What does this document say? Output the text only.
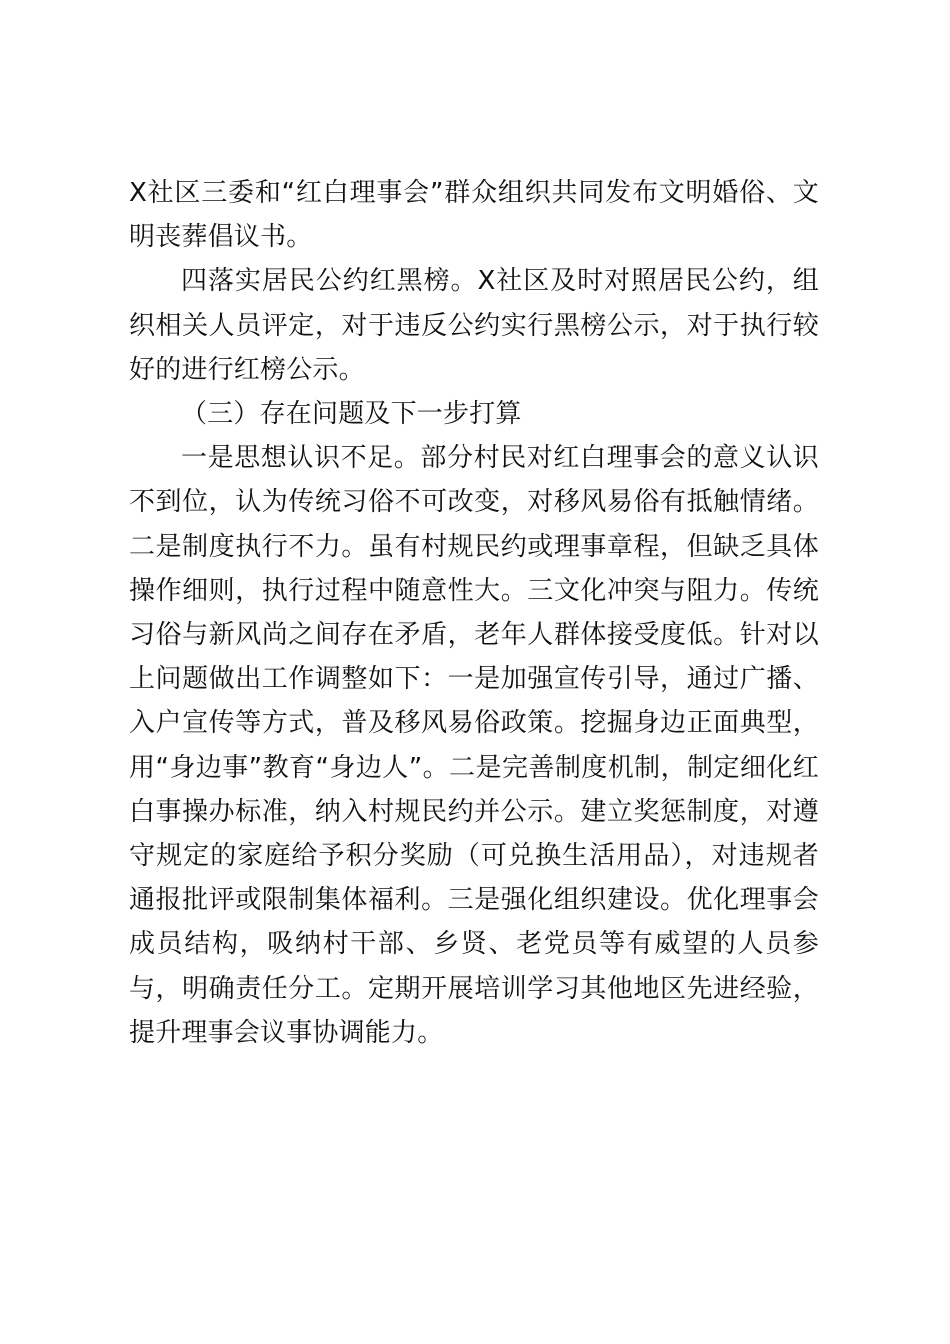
X社区三委和“红白理事会”群众组织共同发布文明婚俗、文明丧葬倡议书。

四落实居民公约红黑榜。X社区及时对照居民公约，组织相关人员评定，对于违反公约实行黑榜公示，对于执行较好的进行红榜公示。

（三）存在问题及下一步打算

一是思想认识不足。部分村民对红白理事会的意义认识不到位，认为传统习俗不可改变，对移风易俗有抵触情绪。二是制度执行不力。虽有村规民约或理事章程，但缺乏具体操作细则，执行过程中随意性大。三文化冲突与阻力。传统习俗与新风尚之间存在矛盾，老年人群体接受度低。针对以上问题做出工作调整如下：一是加强宣传引导，通过广播、入户宣传等方式，普及移风易俗政策。挖掘身边正面典型，用“身边事”教育“身边人”。二是完善制度机制，制定细化红白事操办标准，纳入村规民约并公示。建立奖惩制度，对遵守规定的家庭给予积分奖励（可兑换生活用品），对违规者通报批评或限制集体福利。三是强化组织建设。优化理事会成员结构，吸纳村干部、乡贤、老党员等有威望的人员参与，明确责任分工。定期开展培训学习其他地区先进经验，提升理事会议事协调能力。
